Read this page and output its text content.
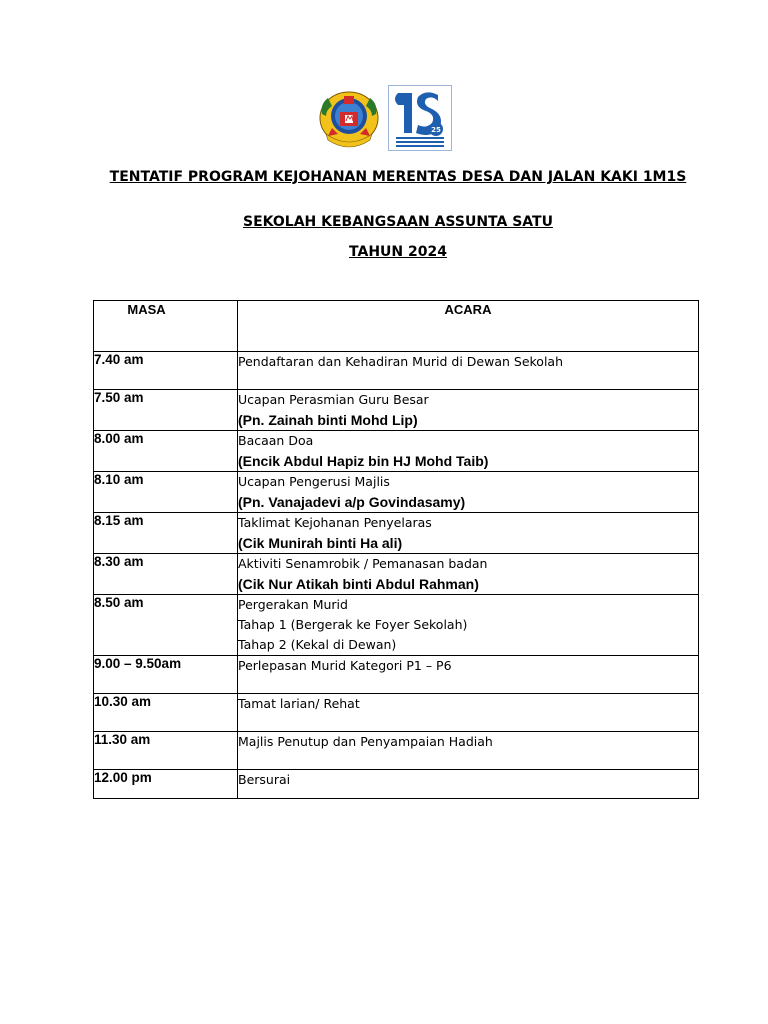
25
TENTATIF PROGRAM KEJOHANAN MERENTAS DESA DAN JALAN KAKI 1M1S
SEKOLAH KEBANGSAAN ASSUNTA SATU
TAHUN 2024
MASA	ACARA

7.40 am	Pendaftaran dan Kehadiran Murid di Dewan Sekolah

7.50 am	Ucapan Perasmian Guru Besar
(Pn. Zainah binti Mohd Lip)

8.00 am	Bacaan Doa
(Encik Abdul Hapiz bin HJ Mohd Taib)

8.10 am	Ucapan Pengerusi Majlis
(Pn. Vanajadevi a/p Govindasamy)

8.15 am	Taklimat Kejohanan Penyelaras
(Cik Munirah binti Ha ali)

8.30 am	Aktiviti Senamrobik / Pemanasan badan
(Cik Nur Atikah binti Abdul Rahman)

8.50 am	Pergerakan Murid
Tahap 1 (Bergerak ke Foyer Sekolah)
Tahap 2 (Kekal di Dewan)

9.00 – 9.50am	Perlepasan Murid Kategori P1 – P6

10.30 am	Tamat larian/ Rehat

11.30 am	Majlis Penutup dan Penyampaian Hadiah

12.00 pm	Bersurai
